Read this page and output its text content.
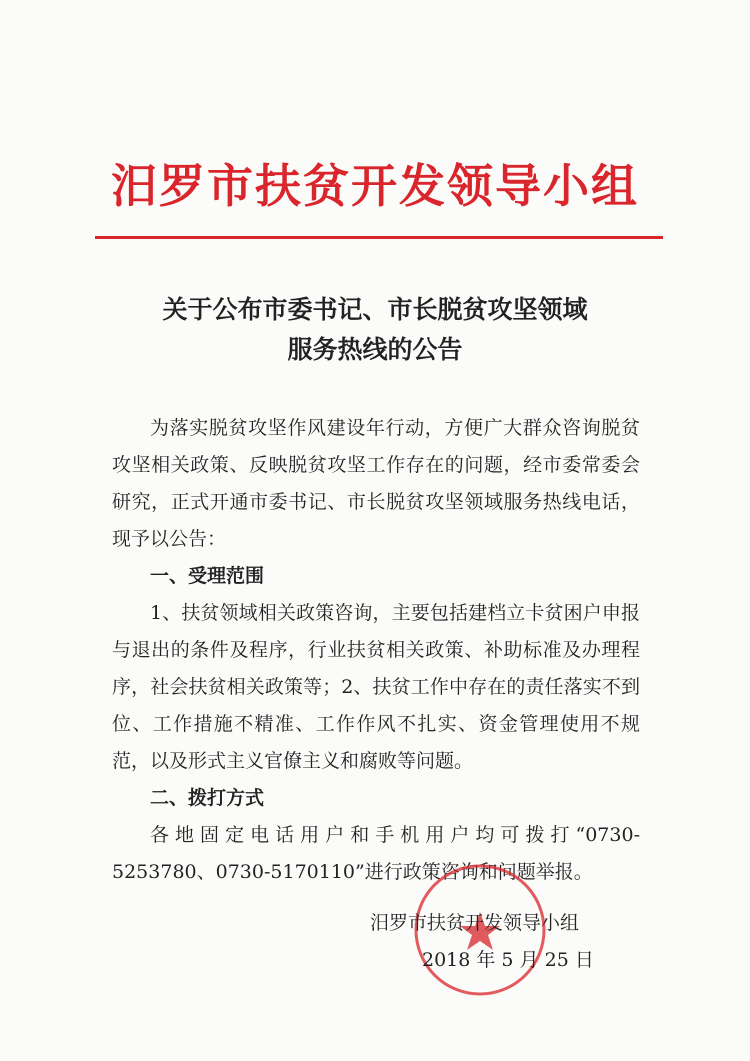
汨罗市扶贫开发领导小组
关于公布市委书记、市长脱贫攻坚领域
服务热线的公告

为落实脱贫攻坚作风建设年行动，方便广大群众咨询脱贫攻坚相关政策、反映脱贫攻坚工作存在的问题，经市委常委会研究，正式开通市委书记、市长脱贫攻坚领域服务热线电话，现予以公告：

一、受理范围

1、扶贫领域相关政策咨询，主要包括建档立卡贫困户申报与退出的条件及程序，行业扶贫相关政策、补助标准及办理程序，社会扶贫相关政策等；2、扶贫工作中存在的责任落实不到位、工作措施不精准、工作作风不扎实、资金管理使用不规范，以及形式主义官僚主义和腐败等问题。

二、拨打方式

各地固定电话用户和手机用户均可拨打“0730-5253780、0730-5170110”进行政策咨询和问题举报。

汨罗市扶贫开发领导小组
2018 年 5 月 25 日
